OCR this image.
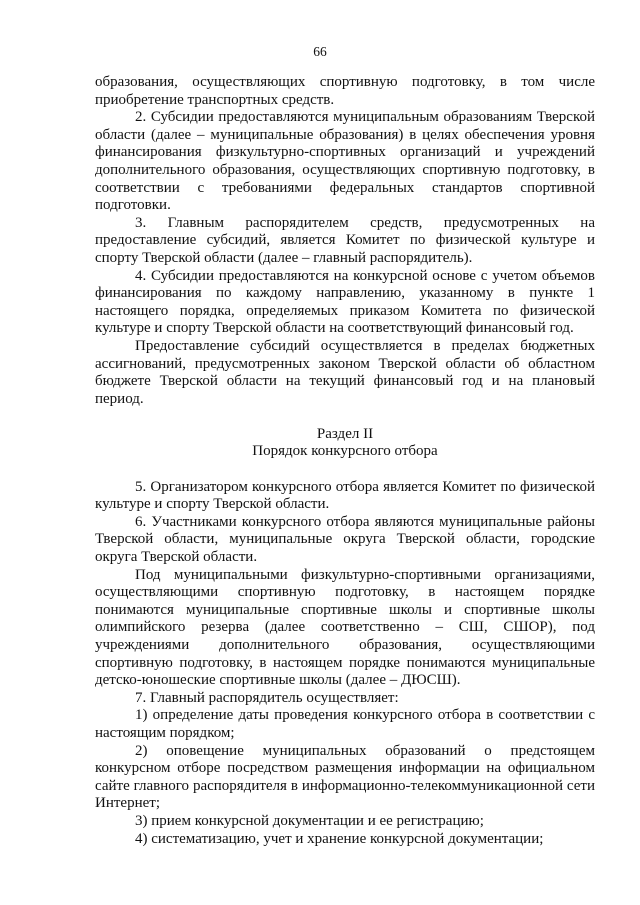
66

образования, осуществляющих спортивную подготовку, в том числе приобретение транспортных средств.

2. Субсидии предоставляются муниципальным образованиям Тверской области (далее – муниципальные образования) в целях обеспечения уровня финансирования физкультурно-спортивных организаций и учреждений дополнительного образования, осуществляющих спортивную подготовку, в соответствии с требованиями федеральных стандартов спортивной подготовки.

3. Главным распорядителем средств, предусмотренных на предоставление субсидий, является Комитет по физической культуре и спорту Тверской области (далее – главный распорядитель).

4. Субсидии предоставляются на конкурсной основе с учетом объемов финансирования по каждому направлению, указанному в пункте 1 настоящего порядка, определяемых приказом Комитета по физической культуре и спорту Тверской области на соответствующий финансовый год.

Предоставление субсидий осуществляется в пределах бюджетных ассигнований, предусмотренных законом Тверской области об областном бюджете Тверской области на текущий финансовый год и на плановый период.

Раздел II

Порядок конкурсного отбора

5. Организатором конкурсного отбора является Комитет по физической культуре и спорту Тверской области.

6. Участниками конкурсного отбора являются муниципальные районы Тверской области, муниципальные округа Тверской области, городские округа Тверской области.

Под муниципальными физкультурно-спортивными организациями, осуществляющими спортивную подготовку, в настоящем порядке понимаются муниципальные спортивные школы и спортивные школы олимпийского резерва (далее соответственно – СШ, СШОР), под учреждениями дополнительного образования, осуществляющими спортивную подготовку, в настоящем порядке понимаются муниципальные детско-юношеские спортивные школы (далее – ДЮСШ).

7. Главный распорядитель осуществляет:

1) определение даты проведения конкурсного отбора в соответствии с настоящим порядком;

2) оповещение муниципальных образований о предстоящем конкурсном отборе посредством размещения информации на официальном сайте главного распорядителя в информационно-телекоммуникационной сети Интернет;

3) прием конкурсной документации и ее регистрацию;

4) систематизацию, учет и хранение конкурсной документации;
